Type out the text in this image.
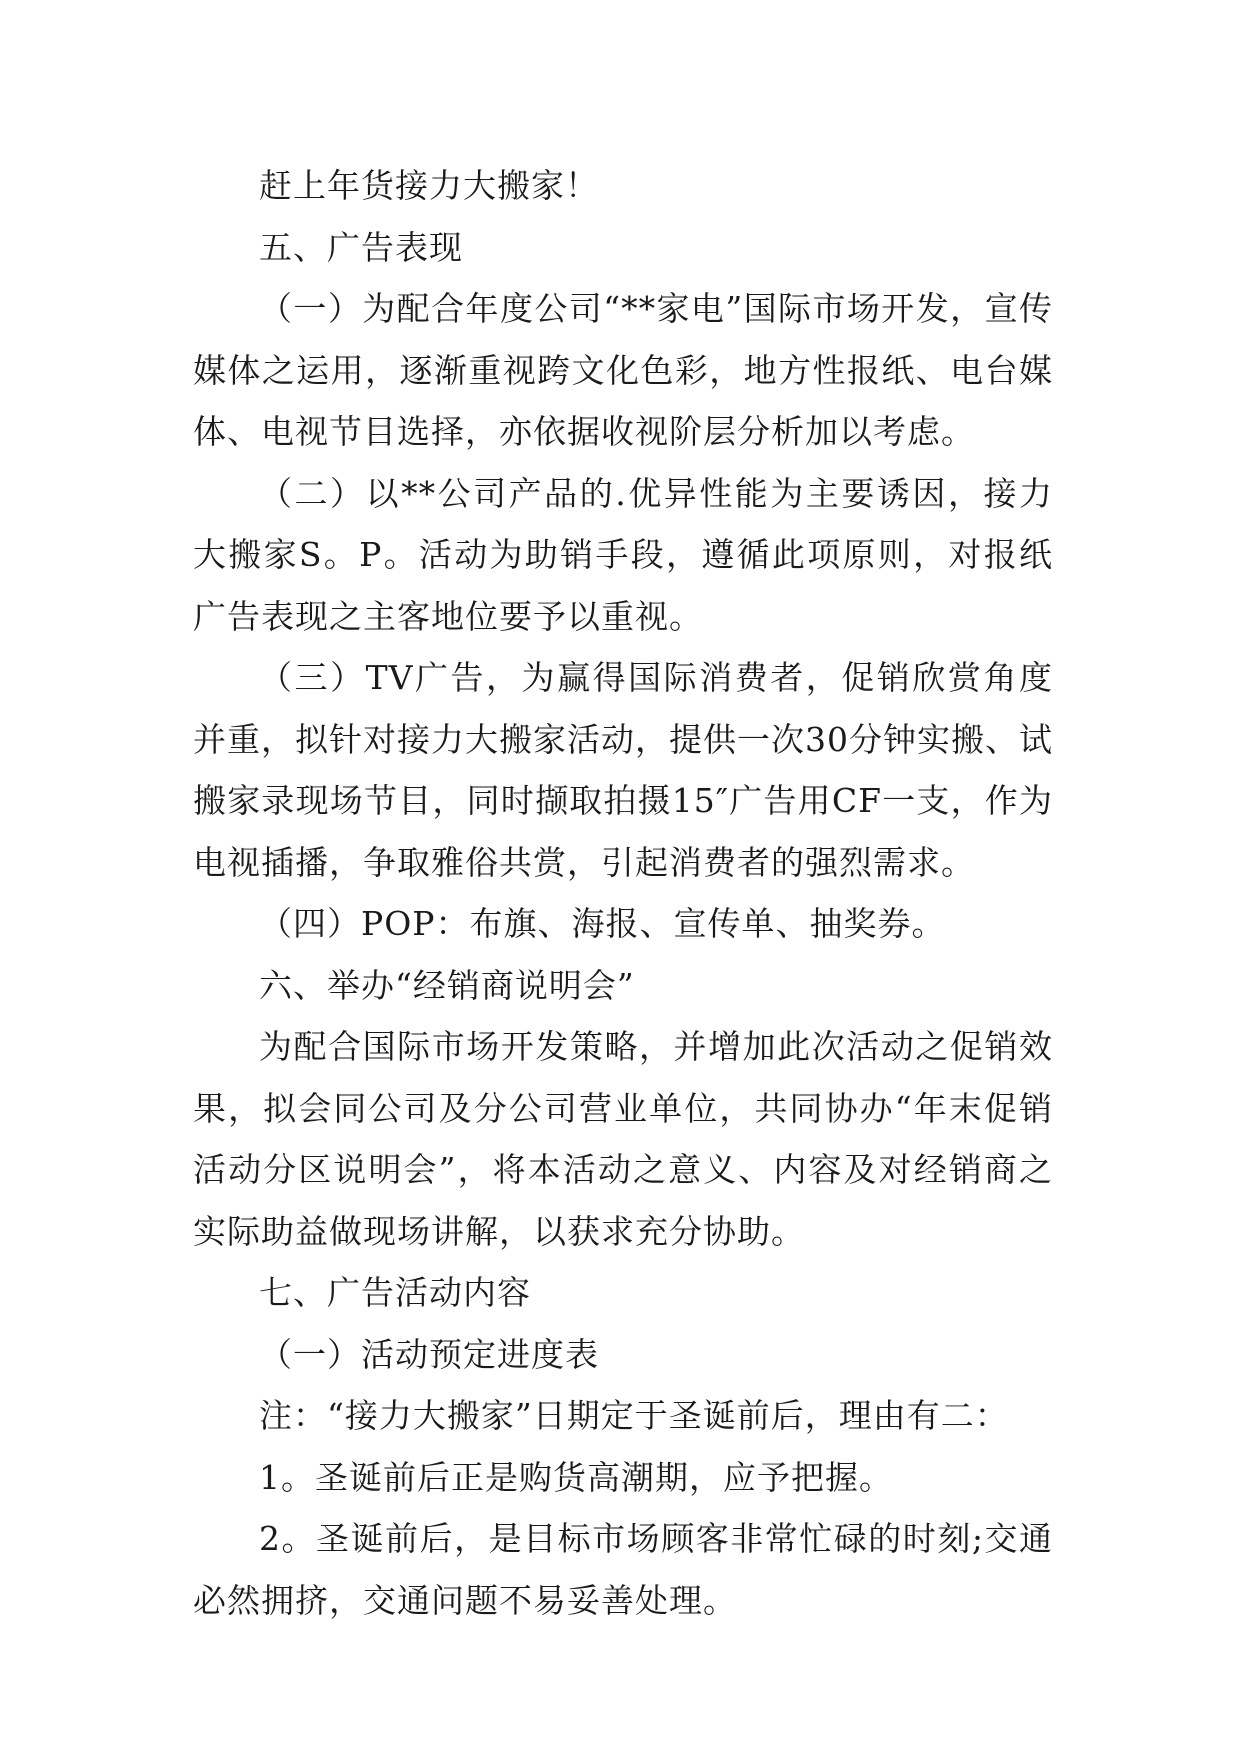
赶上年货接力大搬家！

五、广告表现

（一）为配合年度公司“**家电”国际市场开发，宣传媒体之运用，逐渐重视跨文化色彩，地方性报纸、电台媒体、电视节目选择，亦依据收视阶层分析加以考虑。

（二）以**公司产品的.优异性能为主要诱因，接力大搬家S。P。活动为助销手段，遵循此项原则，对报纸广告表现之主客地位要予以重视。

（三）TV广告，为赢得国际消费者，促销欣赏角度并重，拟针对接力大搬家活动，提供一次30分钟实搬、试搬家录现场节目，同时撷取拍摄15″广告用CF一支，作为电视插播，争取雅俗共赏，引起消费者的强烈需求。

（四）POP：布旗、海报、宣传单、抽奖券。

六、举办“经销商说明会”

为配合国际市场开发策略，并增加此次活动之促销效果，拟会同公司及分公司营业单位，共同协办“年末促销活动分区说明会”，将本活动之意义、内容及对经销商之实际助益做现场讲解，以获求充分协助。

七、广告活动内容

（一）活动预定进度表

注：“接力大搬家”日期定于圣诞前后，理由有二：

1。圣诞前后正是购货高潮期，应予把握。

2。圣诞前后，是目标市场顾客非常忙碌的时刻;交通必然拥挤，交通问题不易妥善处理。
